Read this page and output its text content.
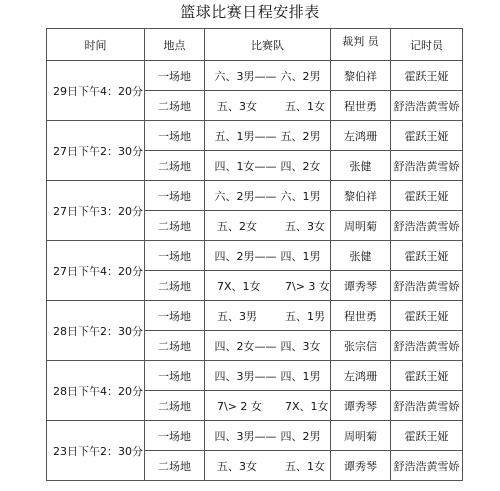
篮球比赛日程安排表
时间	地点	比赛队	裁判 员	记时员
29日下午4：20分	一场地	六、3男—— 六、2男	黎伯祥	霍跃王娅
	二场地	五、3女 五、1女	程世勇	舒浩浩黄雪娇
27日下午2：30分	一场地	五、1男—— 五、2男	左鸿珊	霍跃王娅
	二场地	四、1女—— 四、2女	张健	舒浩浩黄雪娇
27日下午3：20分	一场地	六、2男—— 六、1男	黎伯祥	霍跃王娅
	二场地	五、2女 五、3女	周明菊	舒浩浩黄雪娇
27日下午4：20分	一场地	四、2男—— 四、1男	张健	霍跃王娅
	二场地	7X、1女 7\> 3 女	谭秀琴	舒浩浩黄雪娇
28日下午2：30分	一场地	五、3男 五、1男	程世勇	霍跃王娅
	二场地	四、2女—— 四、3女	张宗信	舒浩浩黄雪娇
28日下午4：20分	一场地	四、3男—— 四、1男	左鸿珊	霍跃王娅
	二场地	7\> 2 女 7X、1女	谭秀琴	舒浩浩黄雪娇
23日下午2：30分	一场地	四、3男—— 四、2男	周明菊	霍跃王娅
	二场地	五、3女 五、1女	谭秀琴	舒浩浩黄雪娇
